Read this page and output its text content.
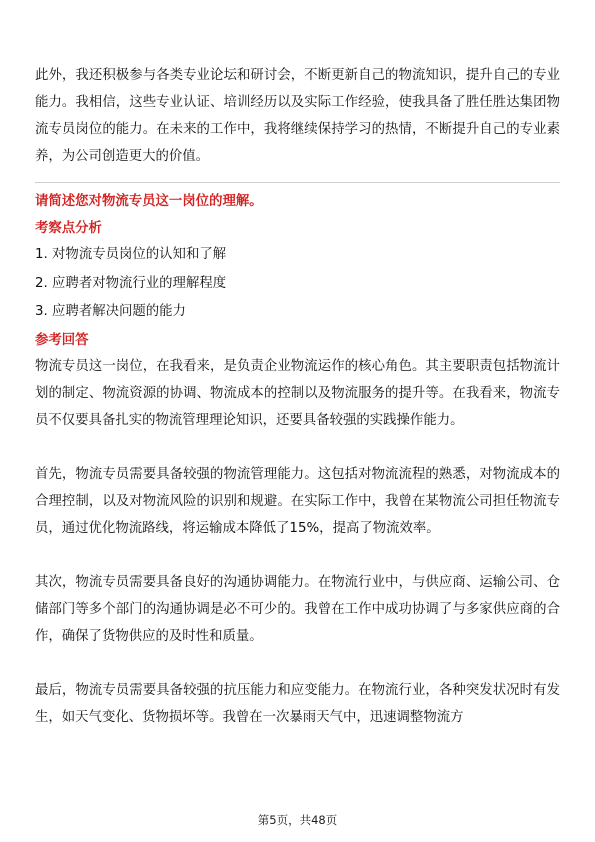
此外，我还积极参与各类专业论坛和研讨会，不断更新自己的物流知识，提升自己的专业能力。我相信，这些专业认证、培训经历以及实际工作经验，使我具备了胜任胜达集团物流专员岗位的能力。在未来的工作中，我将继续保持学习的热情，不断提升自己的专业素养，为公司创造更大的价值。

请简述您对物流专员这一岗位的理解。

考察点分析

1. 对物流专员岗位的认知和了解
2. 应聘者对物流行业的理解程度
3. 应聘者解决问题的能力

参考回答

物流专员这一岗位，在我看来，是负责企业物流运作的核心角色。其主要职责包括物流计划的制定、物流资源的协调、物流成本的控制以及物流服务的提升等。在我看来，物流专员不仅要具备扎实的物流管理理论知识，还要具备较强的实践操作能力。

首先，物流专员需要具备较强的物流管理能力。这包括对物流流程的熟悉，对物流成本的合理控制，以及对物流风险的识别和规避。在实际工作中，我曾在某物流公司担任物流专员，通过优化物流路线，将运输成本降低了15%，提高了物流效率。

其次，物流专员需要具备良好的沟通协调能力。在物流行业中，与供应商、运输公司、仓储部门等多个部门的沟通协调是必不可少的。我曾在工作中成功协调了与多家供应商的合作，确保了货物供应的及时性和质量。

最后，物流专员需要具备较强的抗压能力和应变能力。在物流行业，各种突发状况时有发生，如天气变化、货物损坏等。我曾在一次暴雨天气中，迅速调整物流方

第5页，共48页
